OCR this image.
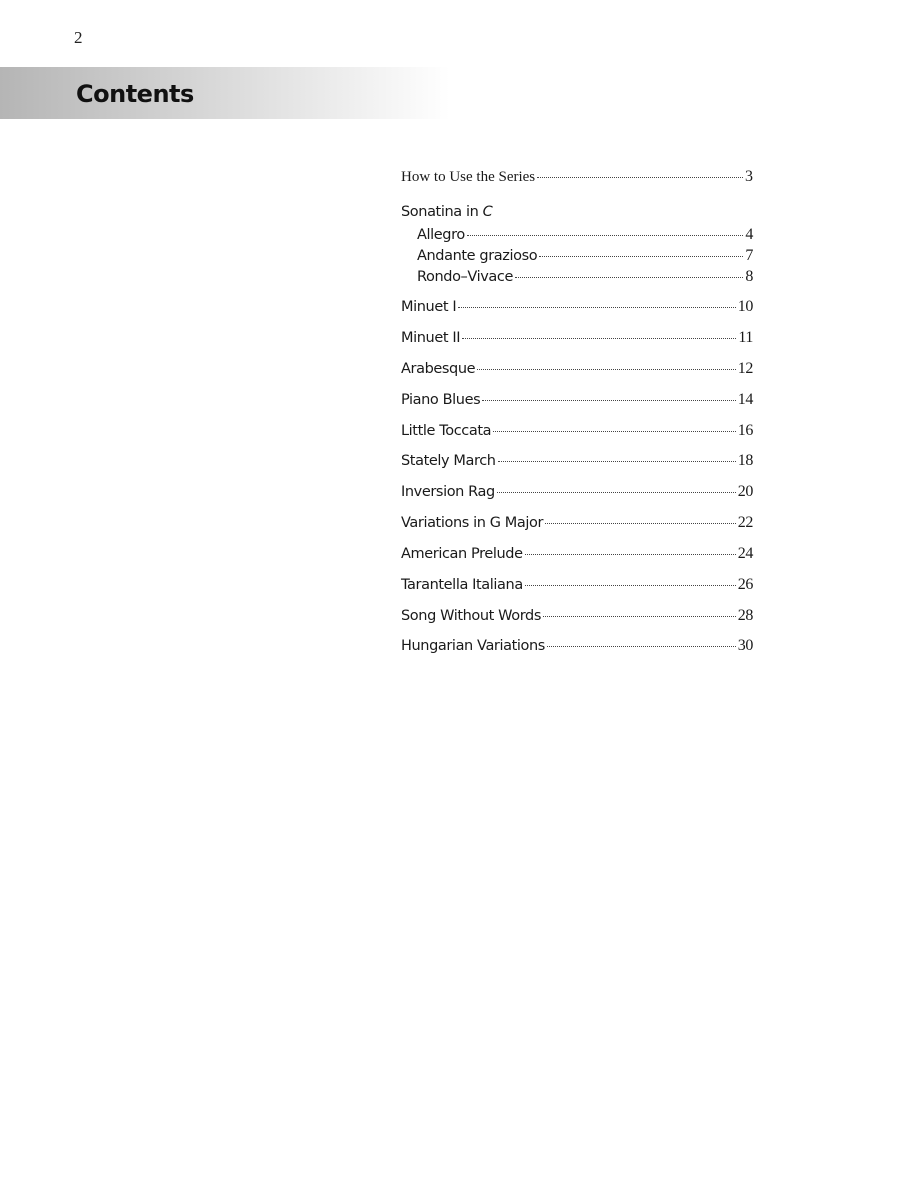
2
Contents
How to Use the Series	3
Sonatina in C
Allegro	4
Andante grazioso	7
Rondo–Vivace	8
Minuet I	10
Minuet II	11
Arabesque	12
Piano Blues	14
Little Toccata	16
Stately March	18
Inversion Rag	20
Variations in G Major	22
American Prelude	24
Tarantella Italiana	26
Song Without Words	28
Hungarian Variations	30
